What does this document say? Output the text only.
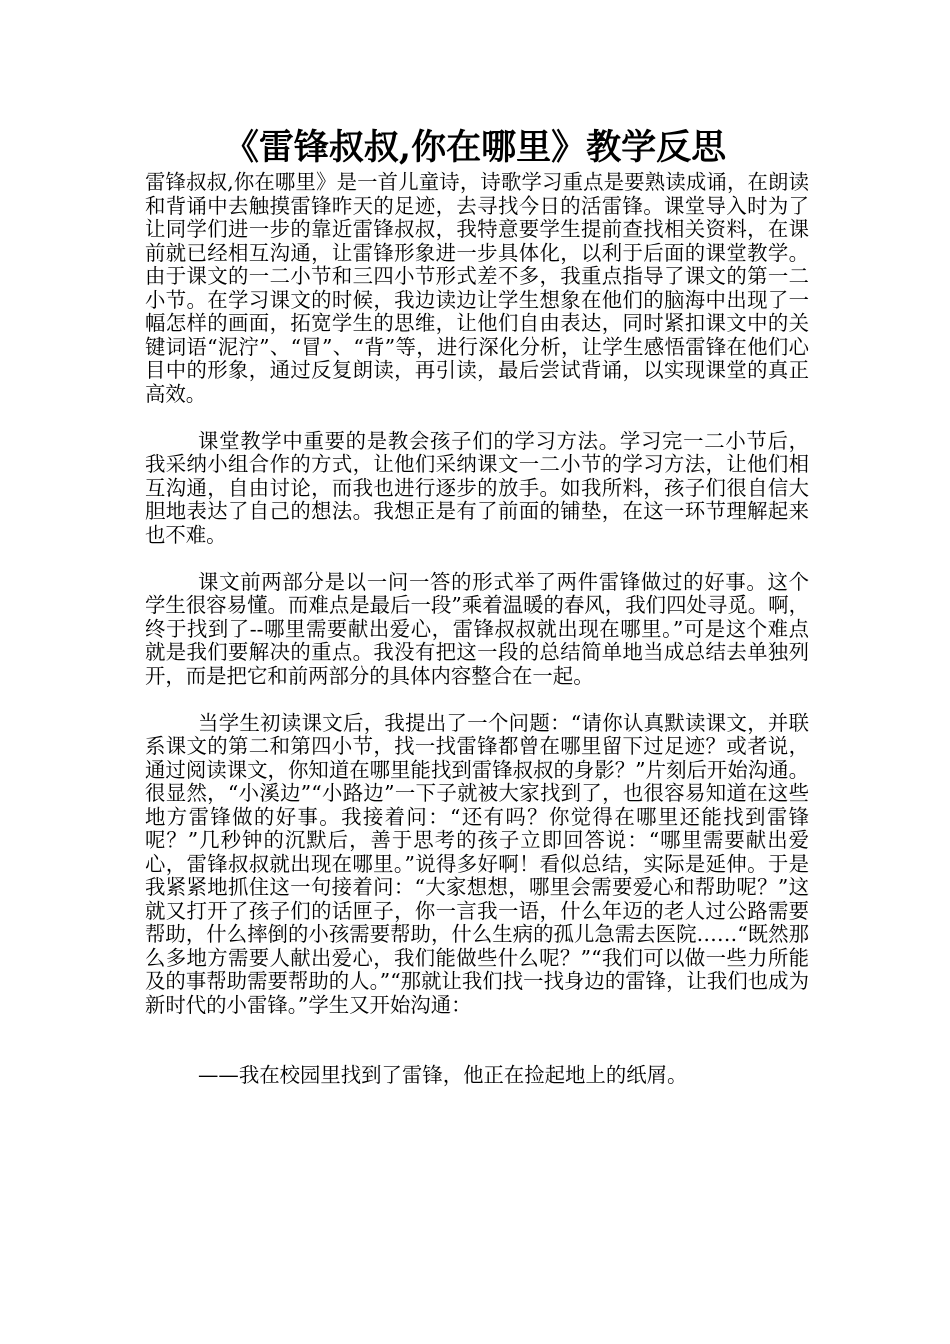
《雷锋叔叔,你在哪里》教学反思

雷锋叔叔,你在哪里》是一首儿童诗，诗歌学习重点是要熟读成诵，在朗读和背诵中去触摸雷锋昨天的足迹，去寻找今日的活雷锋。课堂导入时为了让同学们进一步的靠近雷锋叔叔，我特意要学生提前查找相关资料，在课前就已经相互沟通，让雷锋形象进一步具体化，以利于后面的课堂教学。由于课文的一二小节和三四小节形式差不多，我重点指导了课文的第一二小节。在学习课文的时候，我边读边让学生想象在他们的脑海中出现了一幅怎样的画面，拓宽学生的思维，让他们自由表达，同时紧扣课文中的关键词语“泥泞”、“冒”、“背”等，进行深化分析，让学生感悟雷锋在他们心目中的形象，通过反复朗读，再引读，最后尝试背诵，以实现课堂的真正高效。

课堂教学中重要的是教会孩子们的学习方法。学习完一二小节后，我采纳小组合作的方式，让他们采纳课文一二小节的学习方法，让他们相互沟通，自由讨论，而我也进行逐步的放手。如我所料，孩子们很自信大胆地表达了自己的想法。我想正是有了前面的铺垫，在这一环节理解起来也不难。

课文前两部分是以一问一答的形式举了两件雷锋做过的好事。这个学生很容易懂。而难点是最后一段”乘着温暖的春风，我们四处寻觅。啊，终于找到了--哪里需要献出爱心，雷锋叔叔就出现在哪里。”可是这个难点就是我们要解决的重点。我没有把这一段的总结简单地当成总结去单独列开，而是把它和前两部分的具体内容整合在一起。

当学生初读课文后，我提出了一个问题：“请你认真默读课文，并联系课文的第二和第四小节，找一找雷锋都曾在哪里留下过足迹？或者说，通过阅读课文，你知道在哪里能找到雷锋叔叔的身影？”片刻后开始沟通。很显然，“小溪边”“小路边”一下子就被大家找到了，也很容易知道在这些地方雷锋做的好事。我接着问：“还有吗？你觉得在哪里还能找到雷锋呢？”几秒钟的沉默后，善于思考的孩子立即回答说：“哪里需要献出爱心，雷锋叔叔就出现在哪里。”说得多好啊！看似总结，实际是延伸。于是我紧紧地抓住这一句接着问：“大家想想，哪里会需要爱心和帮助呢？”这就又打开了孩子们的话匣子，你一言我一语，什么年迈的老人过公路需要帮助，什么摔倒的小孩需要帮助，什么生病的孤儿急需去医院……“既然那么多地方需要人献出爱心，我们能做些什么呢？”“我们可以做一些力所能及的事帮助需要帮助的人。”“那就让我们找一找身边的雷锋，让我们也成为新时代的小雷锋。”学生又开始沟通：

——我在校园里找到了雷锋，他正在捡起地上的纸屑。
